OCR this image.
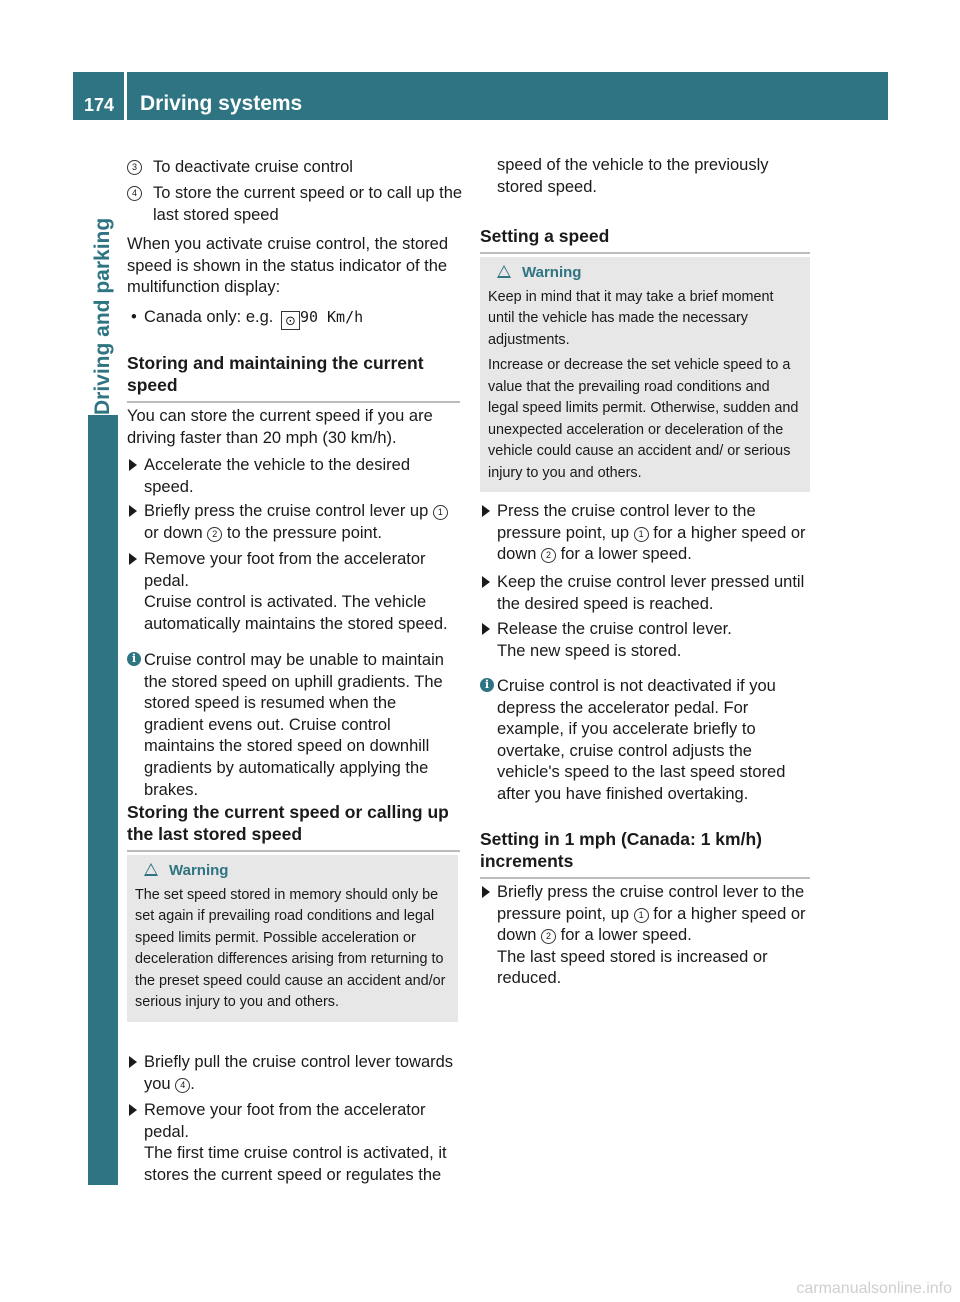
174	Driving systems
Driving and parking
3 To deactivate cruise control

4 To store the current speed or to call up the last stored speed

When you activate cruise control, the stored speed is shown in the status indicator of the multifunction display:

• Canada only: e.g. ⊙ 90 Km/h
Storing and maintaining the current speed

You can store the current speed if you are driving faster than 20 mph (30 km/h).

Accelerate the vehicle to the desired speed.

Briefly press the cruise control lever up 1 or down 2 to the pressure point.

Remove your foot from the accelerator pedal.

Cruise control is activated. The vehicle automatically maintains the stored speed.

i Cruise control may be unable to maintain the stored speed on uphill gradients. The stored speed is resumed when the gradient evens out. Cruise control maintains the stored speed on downhill gradients by automatically applying the brakes.

Storing the current speed or calling up the last stored speed
Warning

The set speed stored in memory should only be set again if prevailing road conditions and legal speed limits permit. Possible acceleration or deceleration differences arising from returning to the preset speed could cause an accident and/or serious injury to you and others.

Briefly pull the cruise control lever towards you 4 .

Remove your foot from the accelerator pedal.

The first time cruise control is activated, it stores the current speed or regulates the

speed of the vehicle to the previously stored speed.

Setting a speed
Warning

Keep in mind that it may take a brief moment until the vehicle has made the necessary adjustments.

Increase or decrease the set vehicle speed to a value that the prevailing road conditions and legal speed limits permit. Otherwise, sudden and unexpected acceleration or deceleration of the vehicle could cause an accident and/ or serious injury to you and others.

Press the cruise control lever to the pressure point, up 1 for a higher speed or down 2 for a lower speed.

Keep the cruise control lever pressed until the desired speed is reached.

Release the cruise control lever.

The new speed is stored.

i Cruise control is not deactivated if you depress the accelerator pedal. For example, if you accelerate briefly to overtake, cruise control adjusts the vehicle's speed to the last speed stored after you have finished overtaking.

Setting in 1 mph (Canada: 1 km/h) increments

Briefly press the cruise control lever to the pressure point, up 1 for a higher speed or down 2 for a lower speed.

The last speed stored is increased or reduced.

carmanualsonline.info
